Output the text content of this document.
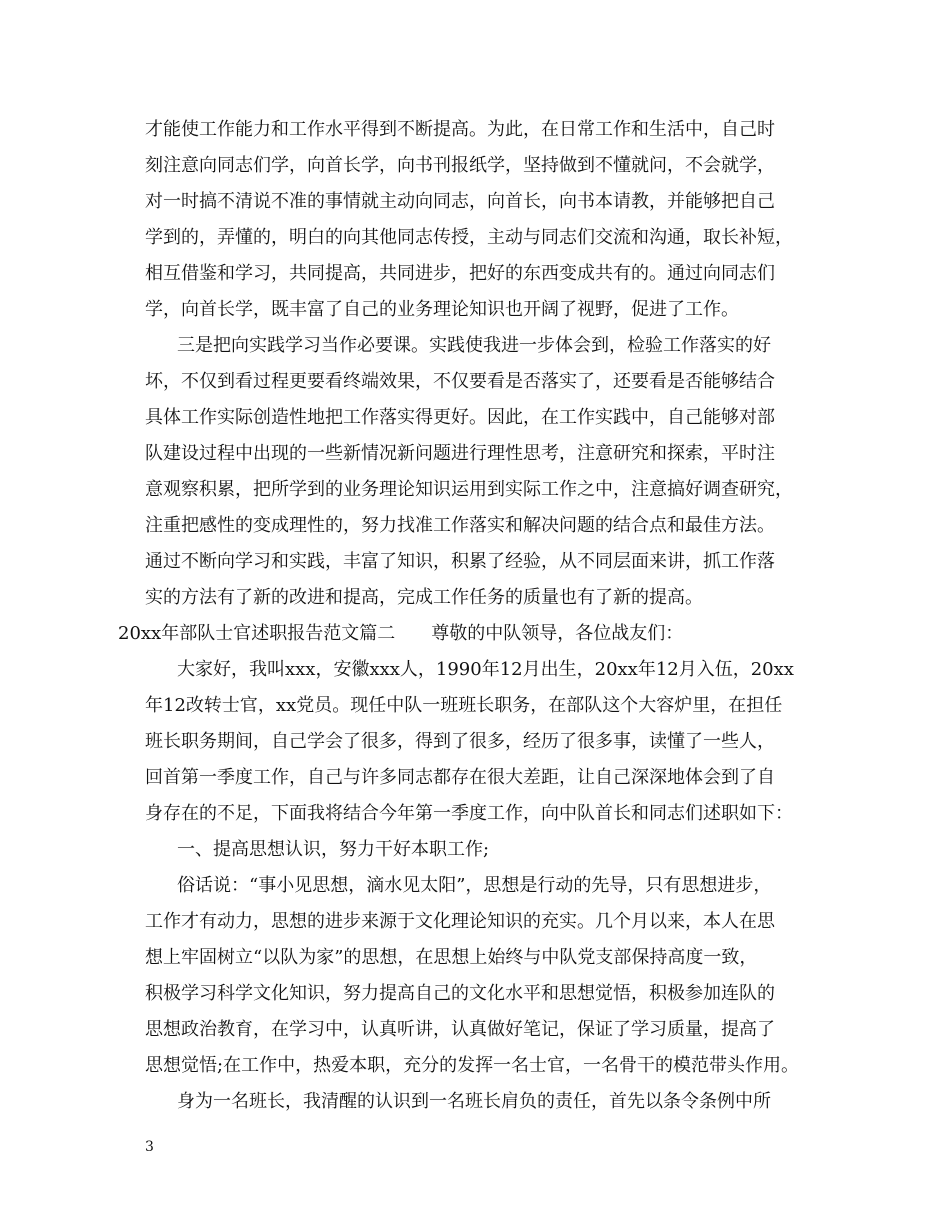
才能使工作能力和工作水平得到不断提高。为此，在日常工作和生活中，自己时
刻注意向同志们学，向首长学，向书刊报纸学，坚持做到不懂就问，不会就学，
对一时搞不清说不准的事情就主动向同志，向首长，向书本请教，并能够把自己
学到的，弄懂的，明白的向其他同志传授，主动与同志们交流和沟通，取长补短，
相互借鉴和学习，共同提高，共同进步，把好的东西变成共有的。通过向同志们
学，向首长学，既丰富了自己的业务理论知识也开阔了视野，促进了工作。
三是把向实践学习当作必要课。实践使我进一步体会到，检验工作落实的好
坏，不仅到看过程更要看终端效果，不仅要看是否落实了，还要看是否能够结合
具体工作实际创造性地把工作落实得更好。因此，在工作实践中，自己能够对部
队建设过程中出现的一些新情况新问题进行理性思考，注意研究和探索，平时注
意观察积累，把所学到的业务理论知识运用到实际工作之中，注意搞好调查研究，
注重把感性的变成理性的，努力找准工作落实和解决问题的结合点和最佳方法。
通过不断向学习和实践，丰富了知识，积累了经验，从不同层面来讲，抓工作落
实的方法有了新的改进和提高，完成工作任务的质量也有了新的提高。
20xx年部队士官述职报告范文篇二 尊敬的中队领导，各位战友们：
大家好，我叫xxx，安徽xxx人，1990年12月出生，20xx年12月入伍，20xx
年12改转士官，xx党员。现任中队一班班长职务，在部队这个大容炉里，在担任
班长职务期间，自己学会了很多，得到了很多，经历了很多事，读懂了一些人，
回首第一季度工作，自己与许多同志都存在很大差距，让自己深深地体会到了自
身存在的不足，下面我将结合今年第一季度工作，向中队首长和同志们述职如下：
一、提高思想认识，努力干好本职工作;
俗话说：“事小见思想，滴水见太阳”，思想是行动的先导，只有思想进步，
工作才有动力，思想的进步来源于文化理论知识的充实。几个月以来，本人在思
想上牢固树立“以队为家”的思想，在思想上始终与中队党支部保持高度一致，
积极学习科学文化知识，努力提高自己的文化水平和思想觉悟，积极参加连队的
思想政治教育，在学习中，认真听讲，认真做好笔记，保证了学习质量，提高了
思想觉悟;在工作中，热爱本职，充分的发挥一名士官，一名骨干的模范带头作用。
身为一名班长，我清醒的认识到一名班长肩负的责任，首先以条令条例中所
3
